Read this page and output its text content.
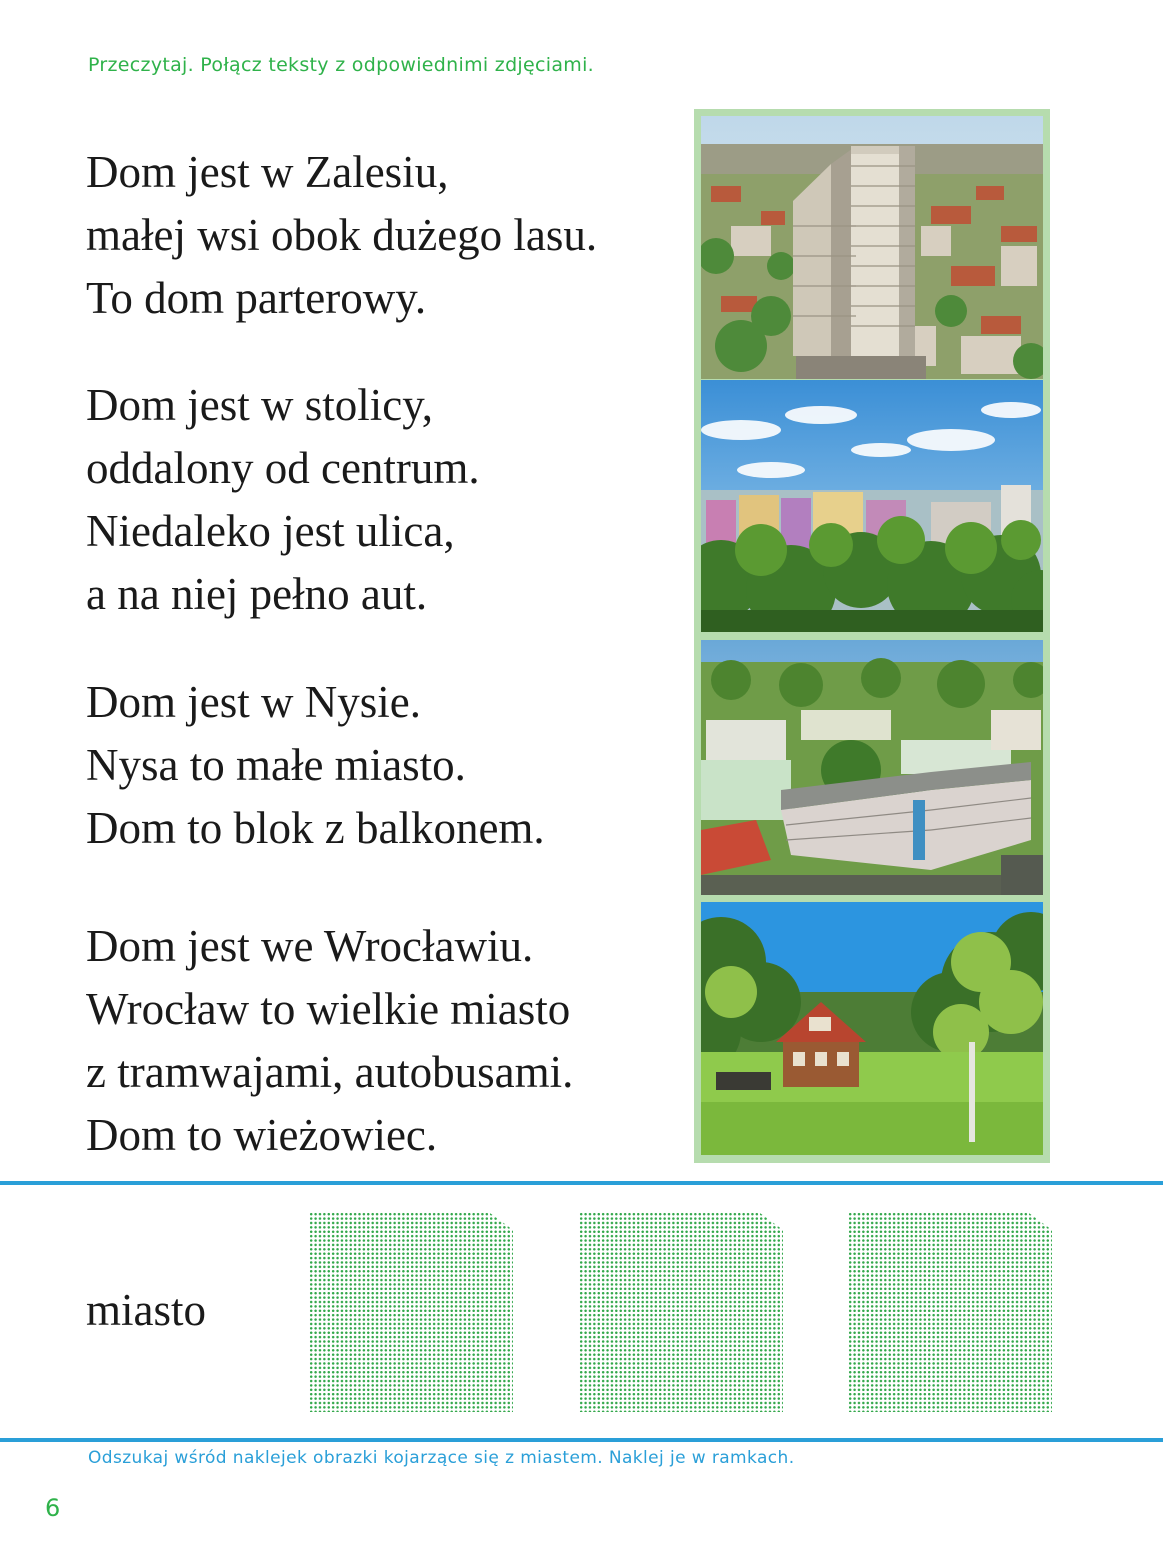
Przeczytaj. Połącz teksty z odpowiednimi zdjęciami.
Dom jest w Zalesiu,
małej wsi obok dużego lasu.
To dom parterowy.
Dom jest w stolicy,
oddalony od centrum.
Niedaleko jest ulica,
a na niej pełno aut.
Dom jest w Nysie.
Nysa to małe miasto.
Dom to blok z balkonem.
Dom jest we Wrocławiu.
Wrocław to wielkie miasto
z tramwajami, autobusami.
Dom to wieżowiec.
miasto
Odszukaj wśród naklejek obrazki kojarzące się z miastem. Naklej je w ramkach.
6
